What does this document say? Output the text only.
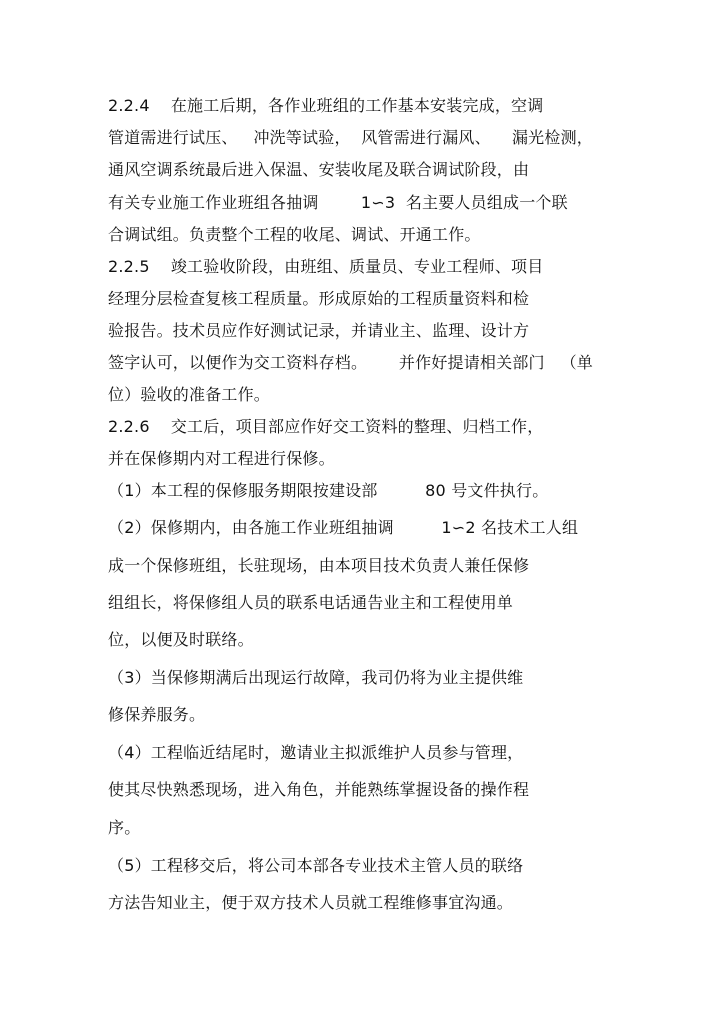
2.2.4    在施工后期，各作业班组的工作基本安装完成，空调
管道需进行试压、   冲洗等试验，  风管需进行漏风、    漏光检测，
通风空调系统最后进入保温、安装收尾及联合调试阶段，由
有关专业施工作业班组各抽调        1∽3  名主要人员组成一个联
合调试组。负责整个工程的收尾、调试、开通工作。
2.2.5    竣工验收阶段，由班组、质量员、专业工程师、项目
经理分层检查复核工程质量。形成原始的工程质量资料和检
验报告。技术员应作好测试记录，并请业主、监理、设计方
签字认可，以便作为交工资料存档。      并作好提请相关部门   （单
位）验收的准备工作。
2.2.6    交工后，项目部应作好交工资料的整理、归档工作，
并在保修期内对工程进行保修。
（1）本工程的保修服务期限按建设部         80 号文件执行。
（2）保修期内，由各施工作业班组抽调         1∽2 名技术工人组
成一个保修班组，长驻现场，由本项目技术负责人兼任保修
组组长，将保修组人员的联系电话通告业主和工程使用单
位，以便及时联络。
（3）当保修期满后出现运行故障，我司仍将为业主提供维
修保养服务。
（4）工程临近结尾时，邀请业主拟派维护人员参与管理，
使其尽快熟悉现场，进入角色，并能熟练掌握设备的操作程
序。
（5）工程移交后，将公司本部各专业技术主管人员的联络
方法告知业主，便于双方技术人员就工程维修事宜沟通。
